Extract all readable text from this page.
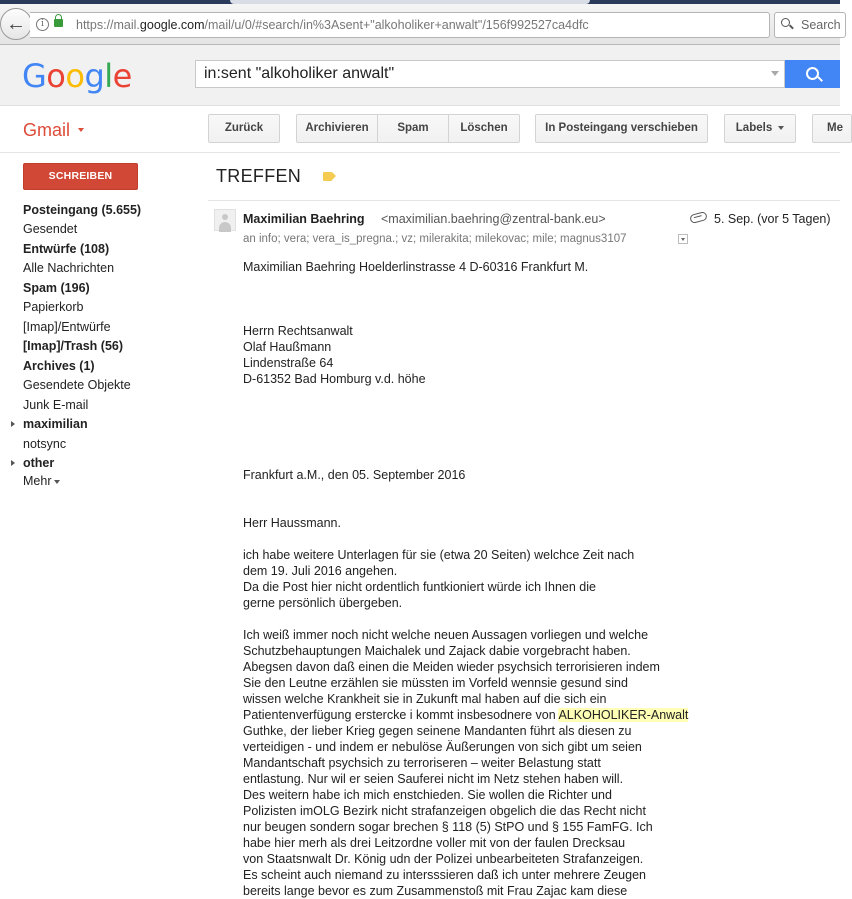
←	i	https://mail.google.com/mail/u/0/#search/in%3Asent+"alkoholiker+anwalt"/156f992527ca4dfc	Search
Google	in:sent "alkoholiker anwalt"
Gmail	Zurück	Archivieren	Spam	Löschen	In Posteingang verschieben	Labels	Me
SCHREIBEN
Posteingang (5.655)
Gesendet
Entwürfe (108)
Alle Nachrichten
Spam (196)
Papierkorb
[Imap]/Entwürfe
[Imap]/Trash (56)
Archives (1)
Gesendete Objekte
Junk E-mail
maximilian
notsync
other
Mehr
TREFFEN
Maximilian Baehring <maximilian.baehring@zentral-bank.eu>	5. Sep. (vor 5 Tagen)
an info; vera; vera_is_pregna.; vz; milerakita; milekovac; mile; magnus3107
Maximilian Baehring Hoelderlinstrasse 4 D-60316 Frankfurt M.
Herrn Rechtsanwalt
Olaf Haußmann
Lindenstraße 64
D-61352 Bad Homburg v.d. höhe
Frankfurt a.M., den 05. September 2016
Herr Haussmann.
ich habe weitere Unterlagen für sie (etwa 20 Seiten) welchce Zeit nach
dem 19. Juli 2016 angehen.
Da die Post hier nicht ordentlich funtkioniert würde ich Ihnen die
gerne persönlich übergeben.
Ich weiß immer noch nicht welche neuen Aussagen vorliegen und welche
Schutzbehauptungen Maichalek und Zajack dabie vorgebracht haben.
Abegsen davon daß einen die Meiden wieder psychsich terrorisieren indem
Sie den Leutne erzählen sie müssten im Vorfeld wennsie gesund sind
wissen welche Krankheit sie in Zukunft mal haben auf die sich ein
Patientenverfügung erstercke i kommt insbesodnere von ALKOHOLIKER-Anwalt
Guthke, der lieber Krieg gegen seinene Mandanten führt als diesen zu
verteidigen - und indem er nebulöse Äußerungen von sich gibt um seien
Mandantschaft psychsich zu terroriseren – weiter Belastung statt
entlastung. Nur wil er seien Sauferei nicht im Netz stehen haben will.
Des weitern habe ich mich enstchieden. Sie wollen die Richter und
Polizisten imOLG Bezirk nicht strafanzeigen obgelich die das Recht nicht
nur beugen sondern sogar brechen § 118 (5) StPO und § 155 FamFG. Ich
habe hier merh als drei Leitzordne voller mit von der faulen Drecksau
von Staatsnwalt Dr. König udn der Polizei unbearbeiteten Strafanzeigen.
Es scheint auch niemand zu intersssieren daß ich unter mehrere Zeugen
bereits lange bevor es zum Zusammenstoß mit Frau Zajac kam diese
